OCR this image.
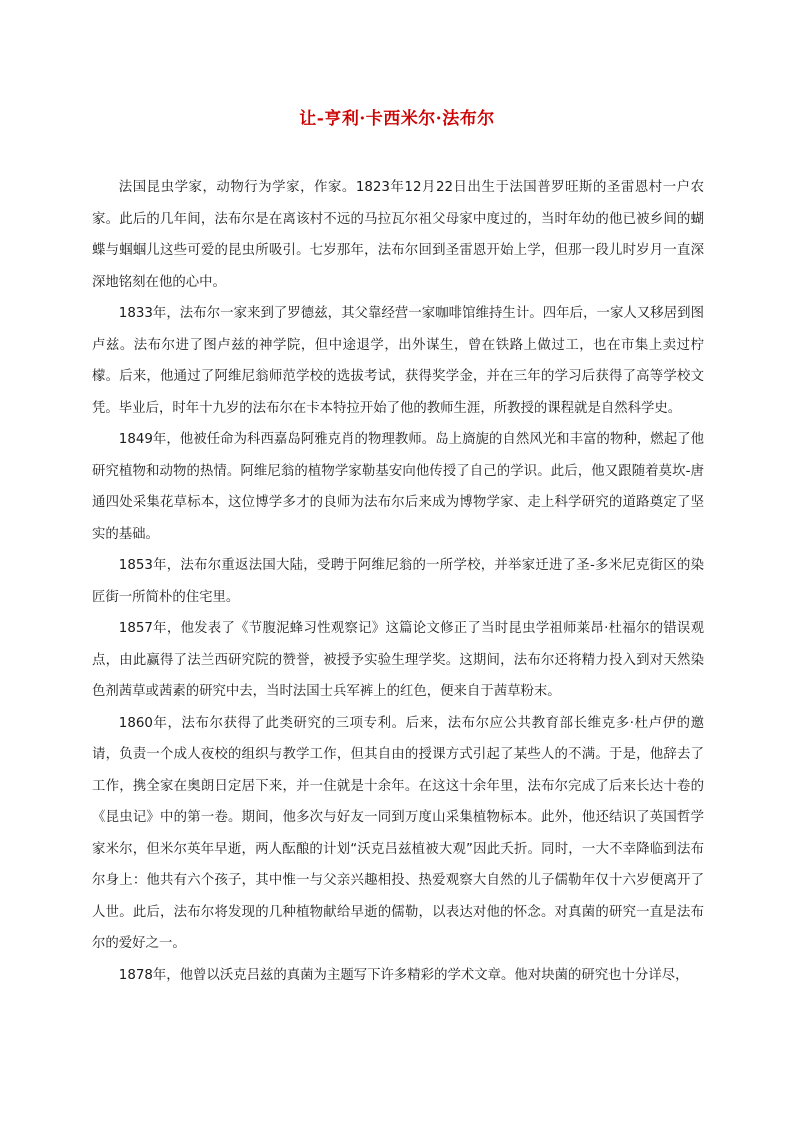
让-亨利·卡西米尔·法布尔

法国昆虫学家，动物行为学家，作家。1823年12月22日出生于法国普罗旺斯的圣雷恩村一户农家。此后的几年间，法布尔是在离该村不远的马拉瓦尔祖父母家中度过的，当时年幼的他已被乡间的蝴蝶与蝈蝈儿这些可爱的昆虫所吸引。七岁那年，法布尔回到圣雷恩开始上学，但那一段儿时岁月一直深深地铭刻在他的心中。

1833年，法布尔一家来到了罗德兹，其父靠经营一家咖啡馆维持生计。四年后，一家人又移居到图卢兹。法布尔进了图卢兹的神学院，但中途退学，出外谋生，曾在铁路上做过工，也在市集上卖过柠檬。后来，他通过了阿维尼翁师范学校的选拔考试，获得奖学金，并在三年的学习后获得了高等学校文凭。毕业后，时年十九岁的法布尔在卡本特拉开始了他的教师生涯，所教授的课程就是自然科学史。

1849年，他被任命为科西嘉岛阿雅克肖的物理教师。岛上旖旎的自然风光和丰富的物种，燃起了他研究植物和动物的热情。阿维尼翁的植物学家勒基安向他传授了自己的学识。此后，他又跟随着莫坎-唐通四处采集花草标本，这位博学多才的良师为法布尔后来成为博物学家、走上科学研究的道路奠定了坚实的基础。

1853年，法布尔重返法国大陆，受聘于阿维尼翁的一所学校，并举家迁进了圣-多米尼克街区的染匠街一所简朴的住宅里。

1857年，他发表了《节腹泥蜂习性观察记》这篇论文修正了当时昆虫学祖师莱昂·杜福尔的错误观点，由此赢得了法兰西研究院的赞誉，被授予实验生理学奖。这期间，法布尔还将精力投入到对天然染色剂茜草或茜素的研究中去，当时法国士兵军裤上的红色，便来自于茜草粉末。

1860年，法布尔获得了此类研究的三项专利。后来，法布尔应公共教育部长维克多·杜卢伊的邀请，负责一个成人夜校的组织与教学工作，但其自由的授课方式引起了某些人的不满。于是，他辞去了工作，携全家在奥朗日定居下来，并一住就是十余年。在这这十余年里，法布尔完成了后来长达十卷的《昆虫记》中的第一卷。期间，他多次与好友一同到万度山采集植物标本。此外，他还结识了英国哲学家米尔，但米尔英年早逝，两人酝酿的计划“沃克吕兹植被大观”因此夭折。同时，一大不幸降临到法布尔身上：他共有六个孩子，其中惟一与父亲兴趣相投、热爱观察大自然的儿子儒勒年仅十六岁便离开了人世。此后，法布尔将发现的几种植物献给早逝的儒勒，以表达对他的怀念。对真菌的研究一直是法布尔的爱好之一。

1878年，他曾以沃克吕兹的真菌为主题写下许多精彩的学术文章。他对块菌的研究也十分详尽，
